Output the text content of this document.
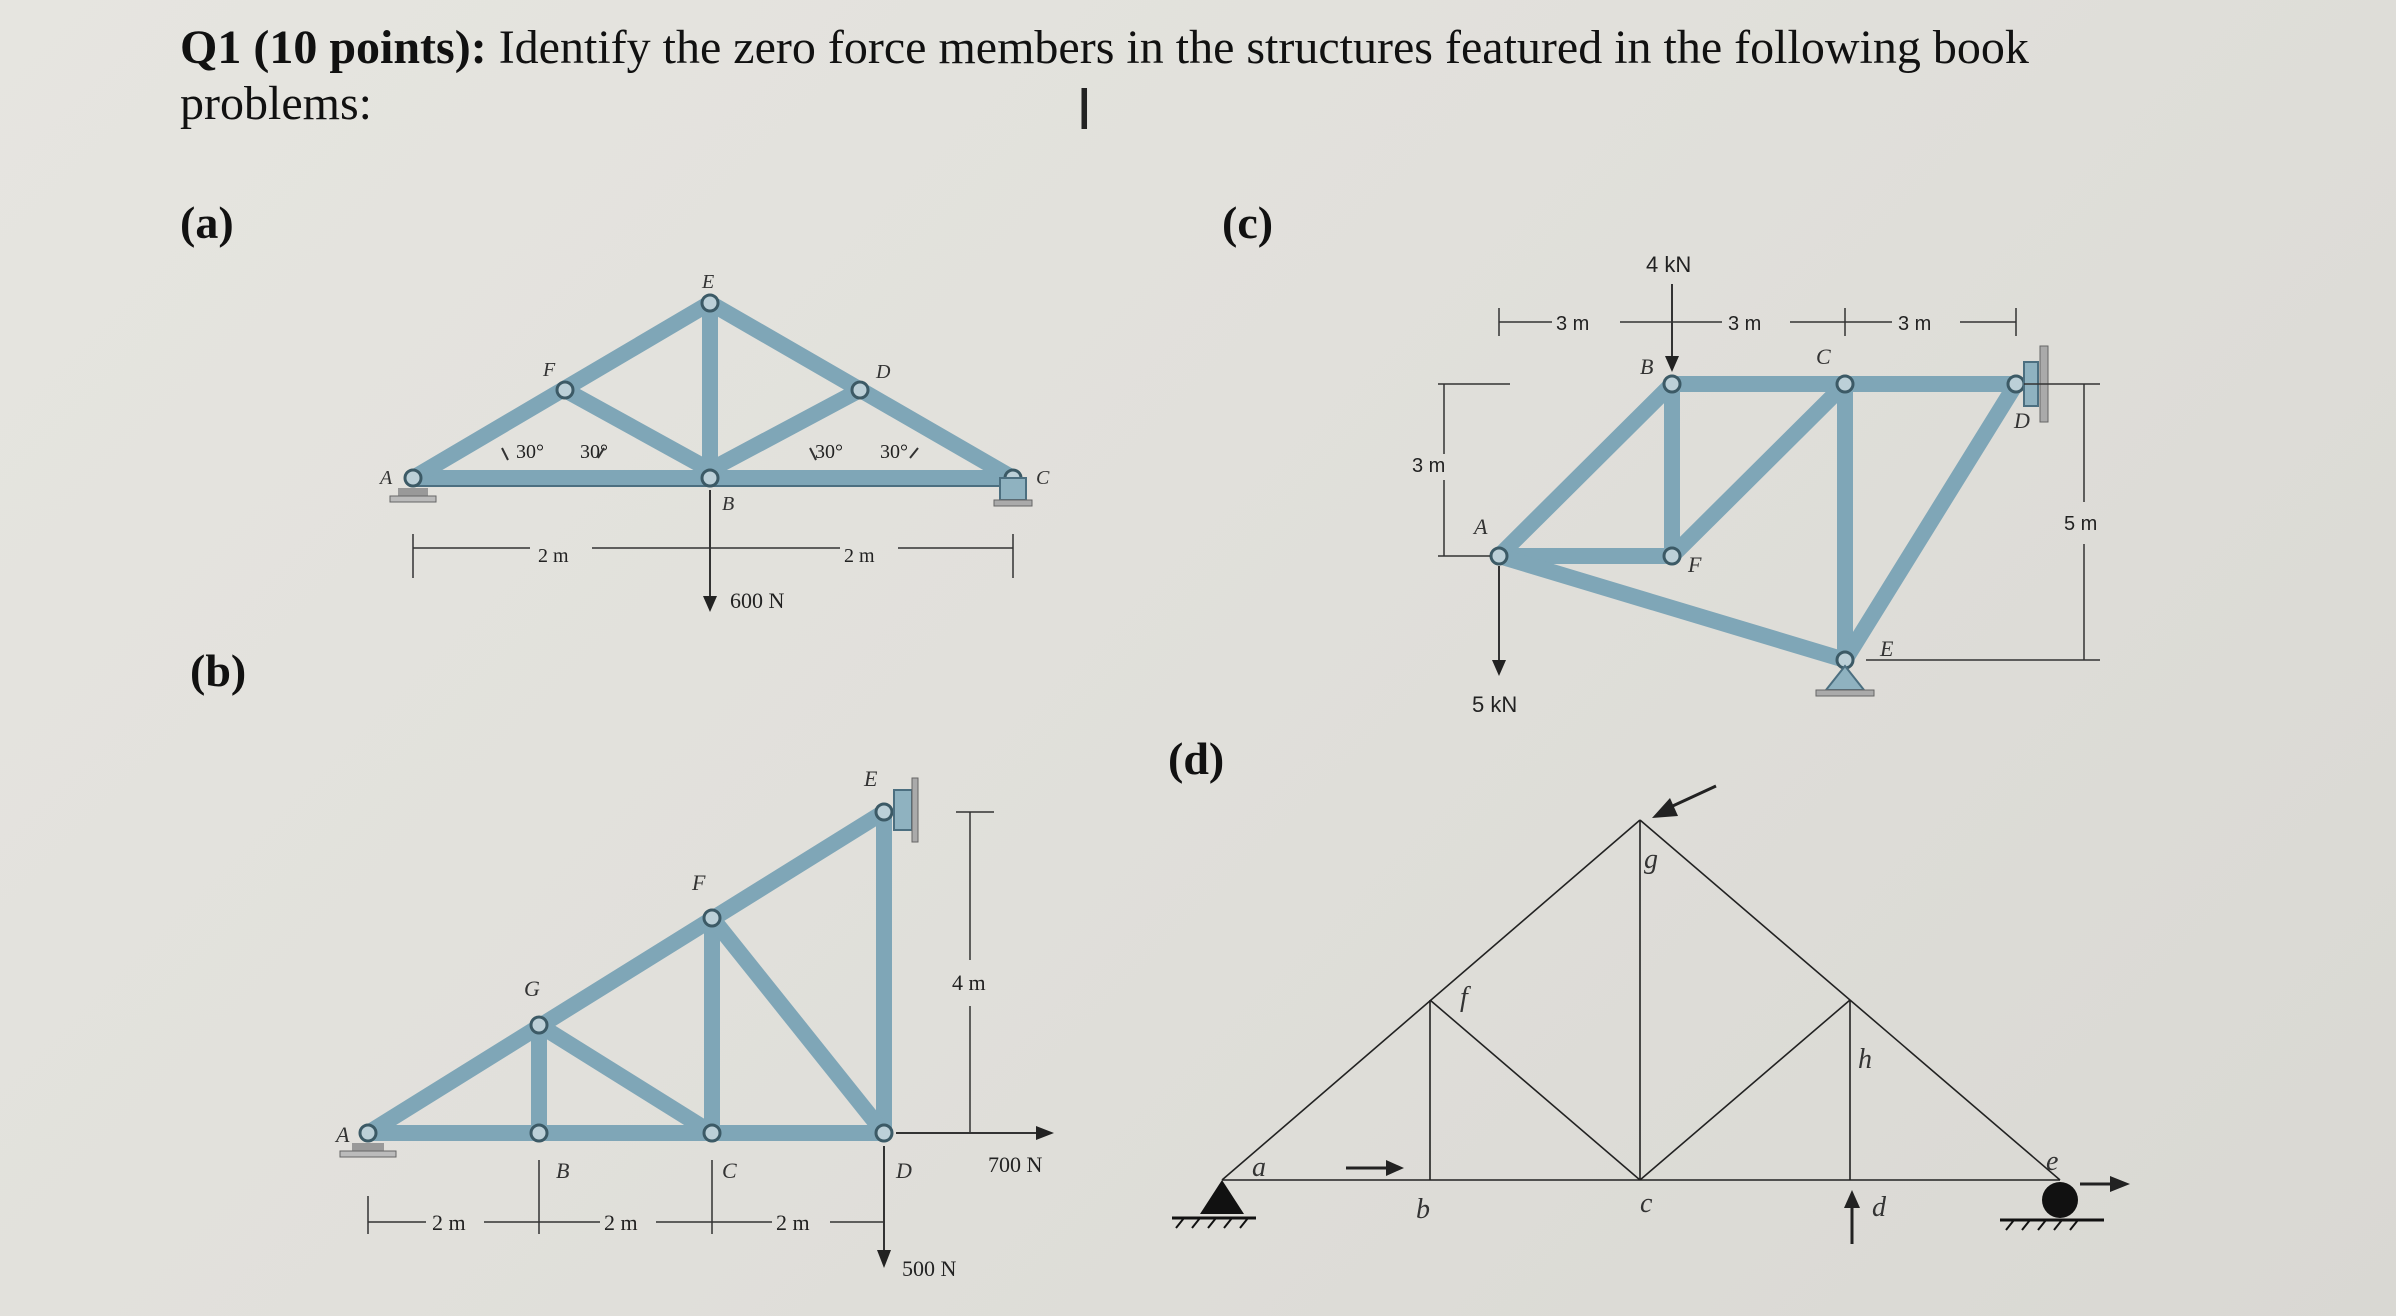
Q1 (10 points): Identify the zero force members in the structures featured in the following book problems:	I
(a)
(b)
(c)
(d)
A
E
F	D
B
C
30° 30°	30° 30°
2 m	2 m
600 N
A
B	C	D
E
F
G
2 m	2 m	2 m
4 m
700 N
500 N
A
B	C
D
E
F
3 m	3 m	3 m
3 m
5 m
4 kN
5 kN
a
b	c	d
e
f
g
h
